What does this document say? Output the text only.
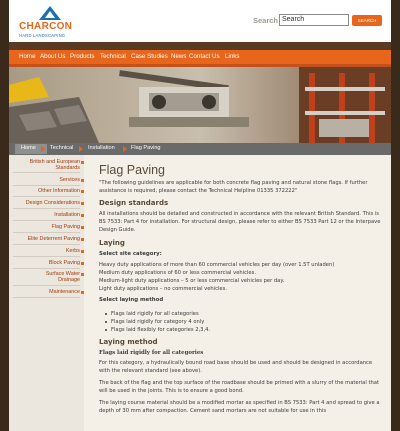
CHARCON
HARD LANDSCAPING
Search Search	SEARCH
Home About Us Products Technical Case Studies News Contact Us Links
Home	Technical	Installation	Flag Paving
British and European
Standards
Services
Other Information
Design Considerations
Installation
Flag Paving
Elite Deterrent Paving
Kerbs
Block Paving
Surface Water
Drainage
Maintenance
Flag Paving
"The following guidelines are applicable for both concrete flag paving and natural stone flags. If further assistance is required, please contact the Technical Helpline 01335 372222"
Design standards
All installations should be detailed and constructed in accordance with the relevant British Standard. This is BS 7533: Part 4 for installation. For structural design, please refer to either BS 7533 Part 12 or the Interpave Design Guide.
Laying
Select site category:
Heavy duty applications of more than 60 commercial vehicles per day (over 1.5T unladen)
Medium duty applications of 60 or less commercial vehicles.
Medium-light duty applications – 5 or less commercial vehicles per day.
Light duty applications – no commercial vehicles.
Select laying method
Flags laid rigidly for all categories
Flags laid rigidly for category 4 only
Flags laid flexibly for categories 2,3,4.
Laying method
Flags laid rigidly for all categories
For this category, a hydraulically bound road base should be used and should be designed in accordance with the relevant standard (see above).
The back of the flag and the top surface of the roadbase should be primed with a slurry of the material that will be used in the joints. This is to ensure a good bond.
The laying course material should be a modified mortar as specified in BS 7533: Part 4 and spread to give a depth of 30 mm after compaction. Cement sand mortars are not suitable for use in this
